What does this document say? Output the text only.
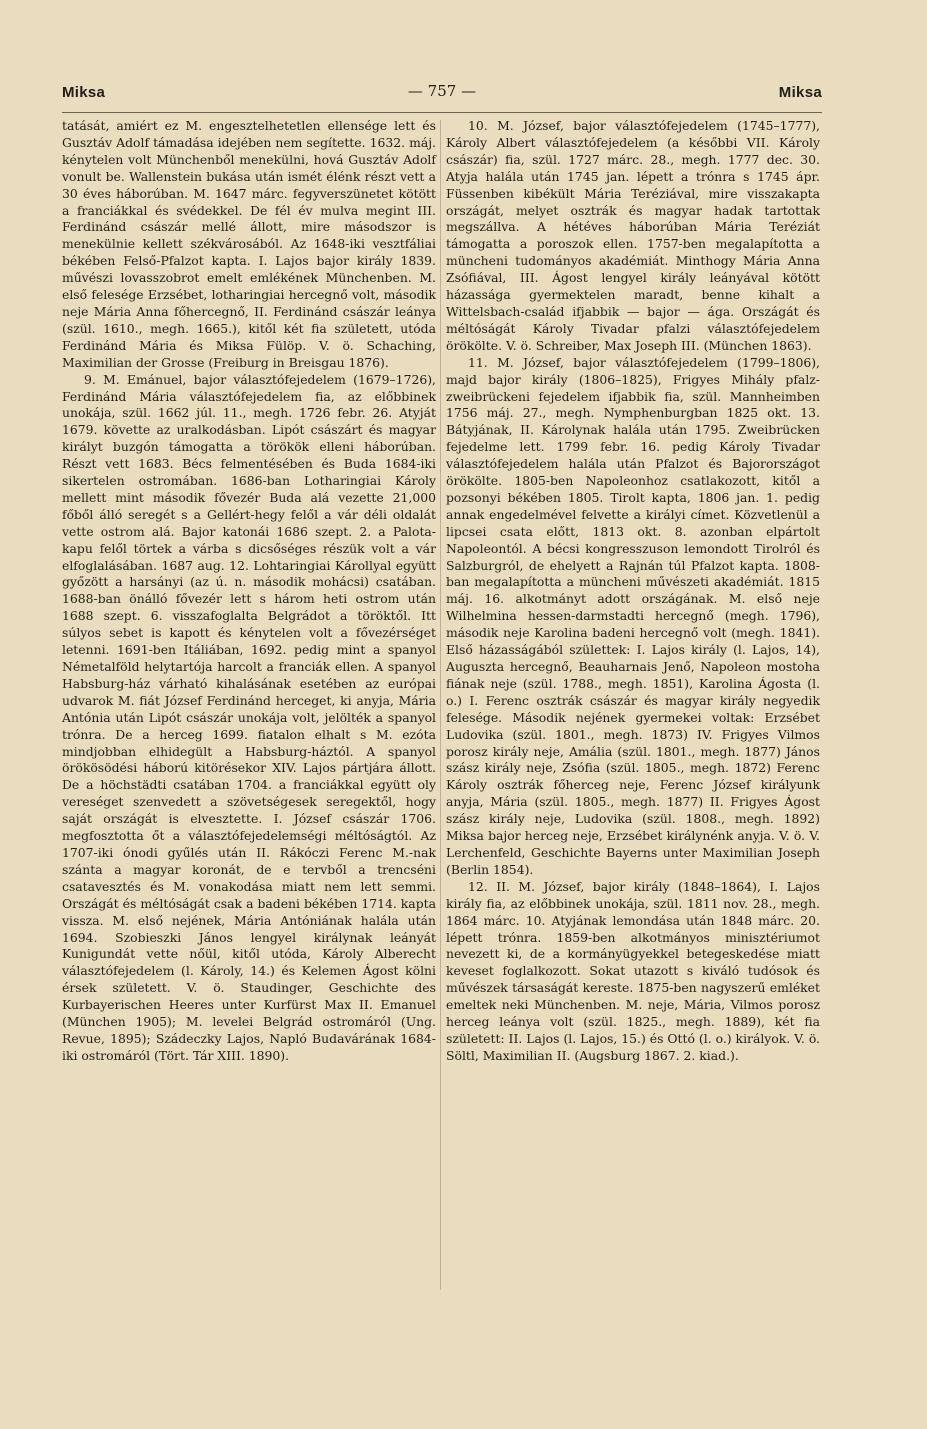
Miksa	— 757 —	Miksa

tatását, amiért ez M. engesztelhetetlen ellensége lett és Gusztáv Adolf támadása idejében nem segítette. 1632. máj. kénytelen volt Münchenből menekülni, hová Gusztáv Adolf vonult be. Wallenstein bukása után ismét élénk részt vett a 30 éves háborúban. M. 1647 márc. fegyverszünetet kötött a franciákkal és svédekkel. De fél év mulva megint III. Ferdinánd császár mellé állott, mire másodszor is menekülnie kellett székvárosából. Az 1648-iki vesztfáliai békében Felső-Pfalzot kapta. I. Lajos bajor király 1839. művészi lovasszobrot emelt emlékének Münchenben. M. első felesége Erzsébet, lotharingiai hercegnő volt, második neje Mária Anna főhercegnő, II. Ferdinánd császár leánya (szül. 1610., megh. 1665.), kitől két fia született, utóda Ferdinánd Mária és Miksa Fülöp. V. ö. Schaching, Maximilian der Grosse (Freiburg in Breisgau 1876).

9. M. Emánuel, bajor választófejedelem (1679–1726), Ferdinánd Mária választófejedelem fia, az előbbinek unokája, szül. 1662 júl. 11., megh. 1726 febr. 26. Atyját 1679. követte az uralkodásban. Lipót császárt és magyar királyt buzgón támogatta a törökök elleni háborúban. Részt vett 1683. Bécs felmentésében és Buda 1684-iki sikertelen ostromában. 1686-ban Lotharingiai Károly mellett mint második fővezér Buda alá vezette 21,000 főből álló seregét s a Gellért-hegy felől a vár déli oldalát vette ostrom alá. Bajor katonái 1686 szept. 2. a Palota-kapu felől törtek a várba s dicsőséges részük volt a vár elfoglalásában. 1687 aug. 12. Lohtaringiai Károllyal együtt győzött a harsányi (az ú. n. második mohácsi) csatában. 1688-ban önálló fővezér lett s három heti ostrom után 1688 szept. 6. visszafoglalta Belgrádot a töröktől. Itt súlyos sebet is kapott és kénytelen volt a fővezérséget letenni. 1691-ben Itáliában, 1692. pedig mint a spanyol Németalföld helytartója harcolt a franciák ellen. A spanyol Habsburg-ház várható kihalásának esetében az európai udvarok M. fiát József Ferdinánd herceget, ki anyja, Mária Antónia után Lipót császár unokája volt, jelölték a spanyol trónra. De a herceg 1699. fiatalon elhalt s M. ezóta mindjobban elhidegült a Habsburg-háztól. A spanyol örökösödési háború kitörésekor XIV. Lajos pártjára állott. De a höchstädti csatában 1704. a franciákkal együtt oly vereséget szenvedett a szövetségesek seregektől, hogy saját országát is elvesztette. I. József császár 1706. megfosztotta őt a választófejedelemségi méltóságtól. Az 1707-iki ónodi gyűlés után II. Rákóczi Ferenc M.-nak szánta a magyar koronát, de e tervből a trencséni csatavesztés és M. vonakodása miatt nem lett semmi. Országát és méltóságát csak a badeni békében 1714. kapta vissza. M. első nejének, Mária Antóniának halála után 1694. Szobieszki János lengyel királynak leányát Kunigundát vette nőül, kitől utóda, Károly Alberecht választófejedelem (l. Károly, 14.) és Kelemen Ágost kölni érsek született. V. ö. Staudinger, Geschichte des Kurbayerischen Heeres unter Kurfürst Max II. Emanuel (München 1905); M. levelei Belgrád ostromáról (Ung. Revue, 1895); Szádeczky Lajos, Napló Budavárának 1684-iki ostromáról (Tört. Tár XIII. 1890).

10. M. József, bajor választófejedelem (1745–1777), Károly Albert választófejedelem (a későbbi VII. Károly császár) fia, szül. 1727 márc. 28., megh. 1777 dec. 30. Atyja halála után 1745 jan. lépett a trónra s 1745 ápr. Füssenben kibékült Mária Teréziával, mire visszakapta országát, melyet osztrák és magyar hadak tartottak megszállva. A hétéves háborúban Mária Teréziát támogatta a poroszok ellen. 1757-ben megalapította a müncheni tudományos akadémiát. Minthogy Mária Anna Zsófiával, III. Ágost lengyel király leányával kötött házassága gyermektelen maradt, benne kihalt a Wittelsbach-család ifjabbik — bajor — ága. Országát és méltóságát Károly Tivadar pfalzi választófejedelem örökölte. V. ö. Schreiber, Max Joseph III. (München 1863).

11. M. József, bajor választófejedelem (1799–1806), majd bajor király (1806–1825), Frigyes Mihály pfalz-zweibrückeni fejedelem ifjabbik fia, szül. Mannheimben 1756 máj. 27., megh. Nymphenburgban 1825 okt. 13. Bátyjának, II. Károlynak halála után 1795. Zweibrücken fejedelme lett. 1799 febr. 16. pedig Károly Tivadar választófejedelem halála után Pfalzot és Bajorországot örökölte. 1805-ben Napoleonhoz csatlakozott, kitől a pozsonyi békében 1805. Tirolt kapta, 1806 jan. 1. pedig annak engedelmével felvette a királyi címet. Közvetlenül a lipcsei csata előtt, 1813 okt. 8. azonban elpártolt Napoleontól. A bécsi kongresszuson lemondott Tirolról és Salzburgról, de ehelyett a Rajnán túl Pfalzot kapta. 1808-ban megalapította a müncheni művészeti akadémiát. 1815 máj. 16. alkotmányt adott országának. M. első neje Wilhelmina hessen-darmstadti hercegnő (megh. 1796), második neje Karolina badeni hercegnő volt (megh. 1841). Első házasságából születtek: I. Lajos király (l. Lajos, 14), Augusztа hercegnő, Beauharnais Jenő, Napoleon mostoha fiának neje (szül. 1788., megh. 1851), Karolina Ágosta (l. o.) I. Ferenc osztrák császár és magyar király negyedik felesége. Második nejének gyermekei voltak: Erzsébet Ludovika (szül. 1801., megh. 1873) IV. Frigyes Vilmos porosz király neje, Amália (szül. 1801., megh. 1877) János szász király neje, Zsófia (szül. 1805., megh. 1872) Ferenc Károly osztrák főherceg neje, Ferenc József királyunk anyja, Mária (szül. 1805., megh. 1877) II. Frigyes Ágost szász király neje, Ludovika (szül. 1808., megh. 1892) Miksa bajor herceg neje, Erzsébet királynénk anyja. V. ö. V. Lerchenfeld, Geschichte Bayerns unter Maximilian Joseph (Berlin 1854).

12. II. M. József, bajor király (1848–1864), I. Lajos király fia, az előbbinek unokája, szül. 1811 nov. 28., megh. 1864 márc. 10. Atyjának lemondása után 1848 márc. 20. lépett trónra. 1859-ben alkotmányos minisztériumot nevezett ki, de a kormányügyekkel betegeskedése miatt keveset foglalkozott. Sokat utazott s kiváló tudósok és művészek társaságát kereste. 1875-ben nagyszerű emléket emeltek neki Münchenben. M. neje, Mária, Vilmos porosz herceg leánya volt (szül. 1825., megh. 1889), két fia született: II. Lajos (l. Lajos, 15.) és Ottó (l. o.) királyok. V. ö. Söltl, Maximilian II. (Augsburg 1867. 2. kiad.).
